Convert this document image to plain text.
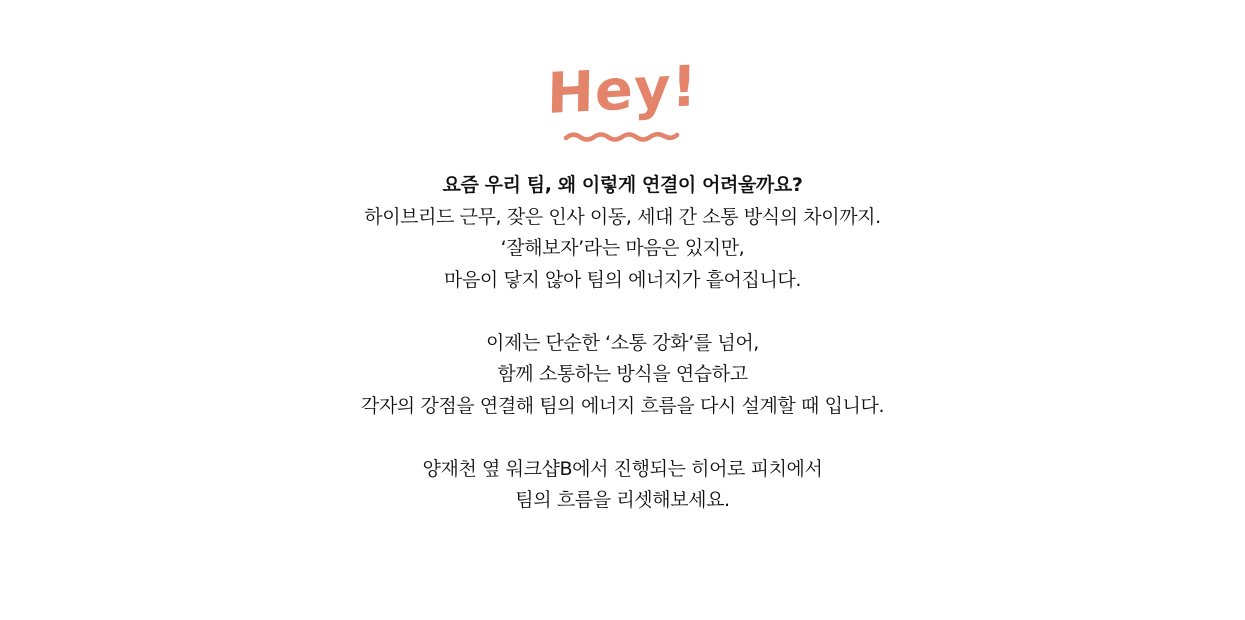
Hey!
요즘 우리 팀, 왜 이렇게 연결이 어려울까요?
하이브리드 근무, 잦은 인사 이동, 세대 간 소통 방식의 차이까지.
‘잘해보자’라는 마음은 있지만,
마음이 닿지 않아 팀의 에너지가 흩어집니다.
이제는 단순한 ‘소통 강화’를 넘어,
함께 소통하는 방식을 연습하고
각자의 강점을 연결해 팀의 에너지 흐름을 다시 설계할 때 입니다.
양재천 옆 워크샵B에서 진행되는 히어로 피치에서
팀의 흐름을 리셋해보세요.
